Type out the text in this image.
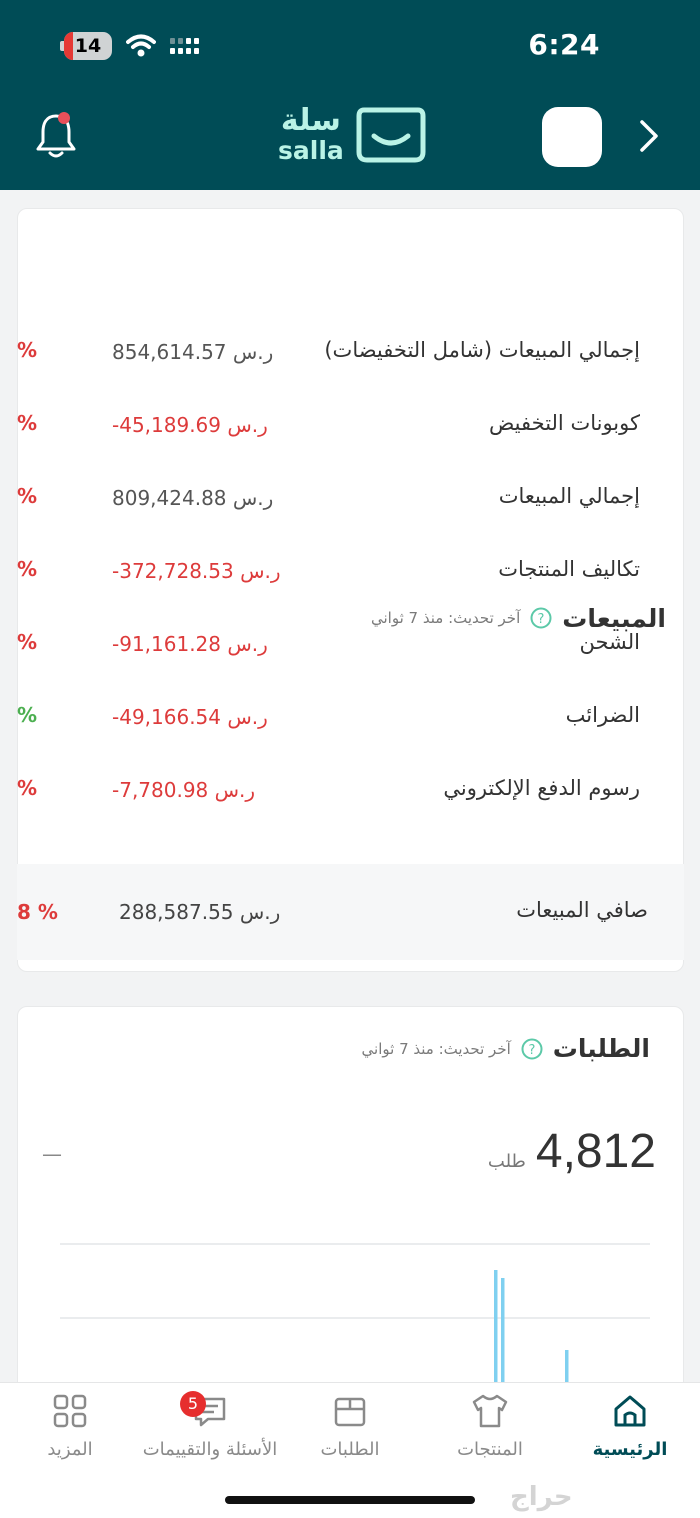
14	6:24
سلة
salla
المبيعات
?
آخر تحديث: منذ 7 ثواني
إجمالي المبيعات (شامل التخفيضات)
854,614.57 ر.س
%
كوبونات التخفيض
-45,189.69 ر.س
%
إجمالي المبيعات
809,424.88 ر.س
%
تكاليف المنتجات
-372,728.53 ر.س
%
الشحن
-91,161.28 ر.س
%
الضرائب
-49,166.54 ر.س
%
رسوم الدفع الإلكتروني
-7,780.98 ر.س
%
صافي المبيعات
288,587.55 ر.س
8 %
الطلبات
?
آخر تحديث: منذ 7 ثواني
4,812
طلب
—
الرئيسية
المنتجات
الطلبات
5
الأسئلة والتقييمات
المزيد
حراج
